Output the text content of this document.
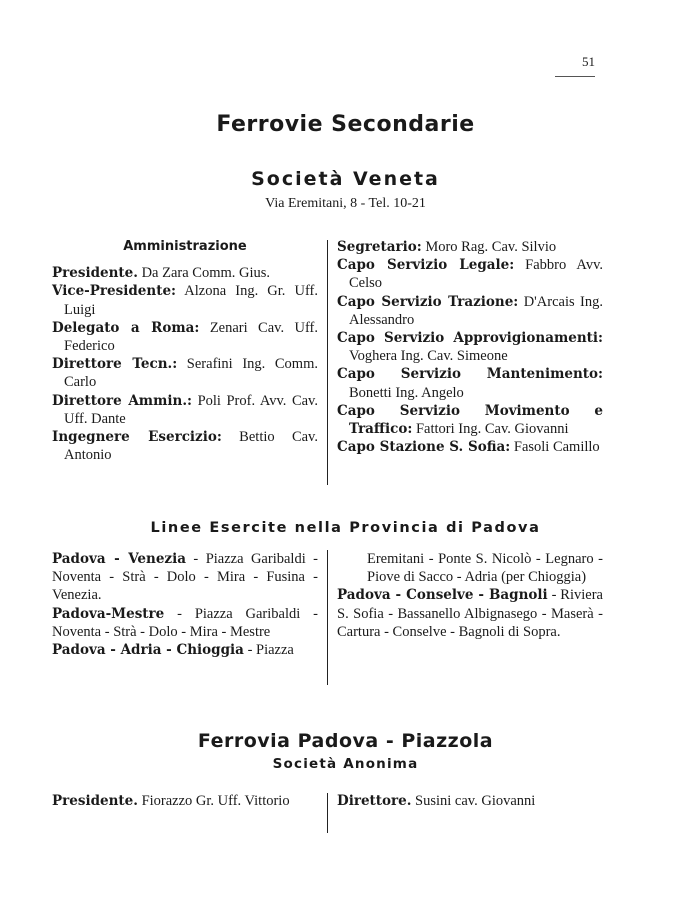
51
Ferrovie Secondarie
Società Veneta
Via Eremitani, 8 - Tel. 10-21
Amministrazione

Presidente. Da Zara Comm. Gius.

Vice-Presidente: Alzona Ing. Gr. Uff. Luigi

Delegato a Roma: Zenari Cav. Uff. Federico

Direttore Tecn.: Serafini Ing. Comm. Carlo

Direttore Ammin.: Poli Prof. Avv. Cav. Uff. Dante

Ingegnere Esercizio: Bettio Cav. Antonio

Segretario: Moro Rag. Cav. Silvio

Capo Servizio Legale: Fabbro Avv. Celso

Capo Servizio Trazione: D'Arcais Ing. Alessandro

Capo Servizio Approvigionamenti: Voghera Ing. Cav. Simeone

Capo Servizio Mantenimento: Bonetti Ing. Angelo

Capo Servizio Movimento e Traffico: Fattori Ing. Cav. Giovanni

Capo Stazione S. Sofia: Fasoli Camillo

Linee Esercite nella Provincia di Padova

Padova - Venezia - Piazza Garibaldi - Noventa - Strà - Dolo - Mira - Fusina - Venezia.

Padova-Mestre - Piazza Garibaldi - Noventa - Strà - Dolo - Mira - Mestre

Padova - Adria - Chioggia - Piazza

Eremitani - Ponte S. Nicolò - Legnaro - Piove di Sacco - Adria (per Chioggia)

Padova - Conselve - Bagnoli - Riviera S. Sofia - Bassanello Albignasego - Maserà - Cartura - Conselve - Bagnoli di Sopra.

Ferrovia Padova - Piazzola
Società Anonima

Presidente. Fiorazzo Gr. Uff. Vittorio	Direttore. Susini cav. Giovanni
